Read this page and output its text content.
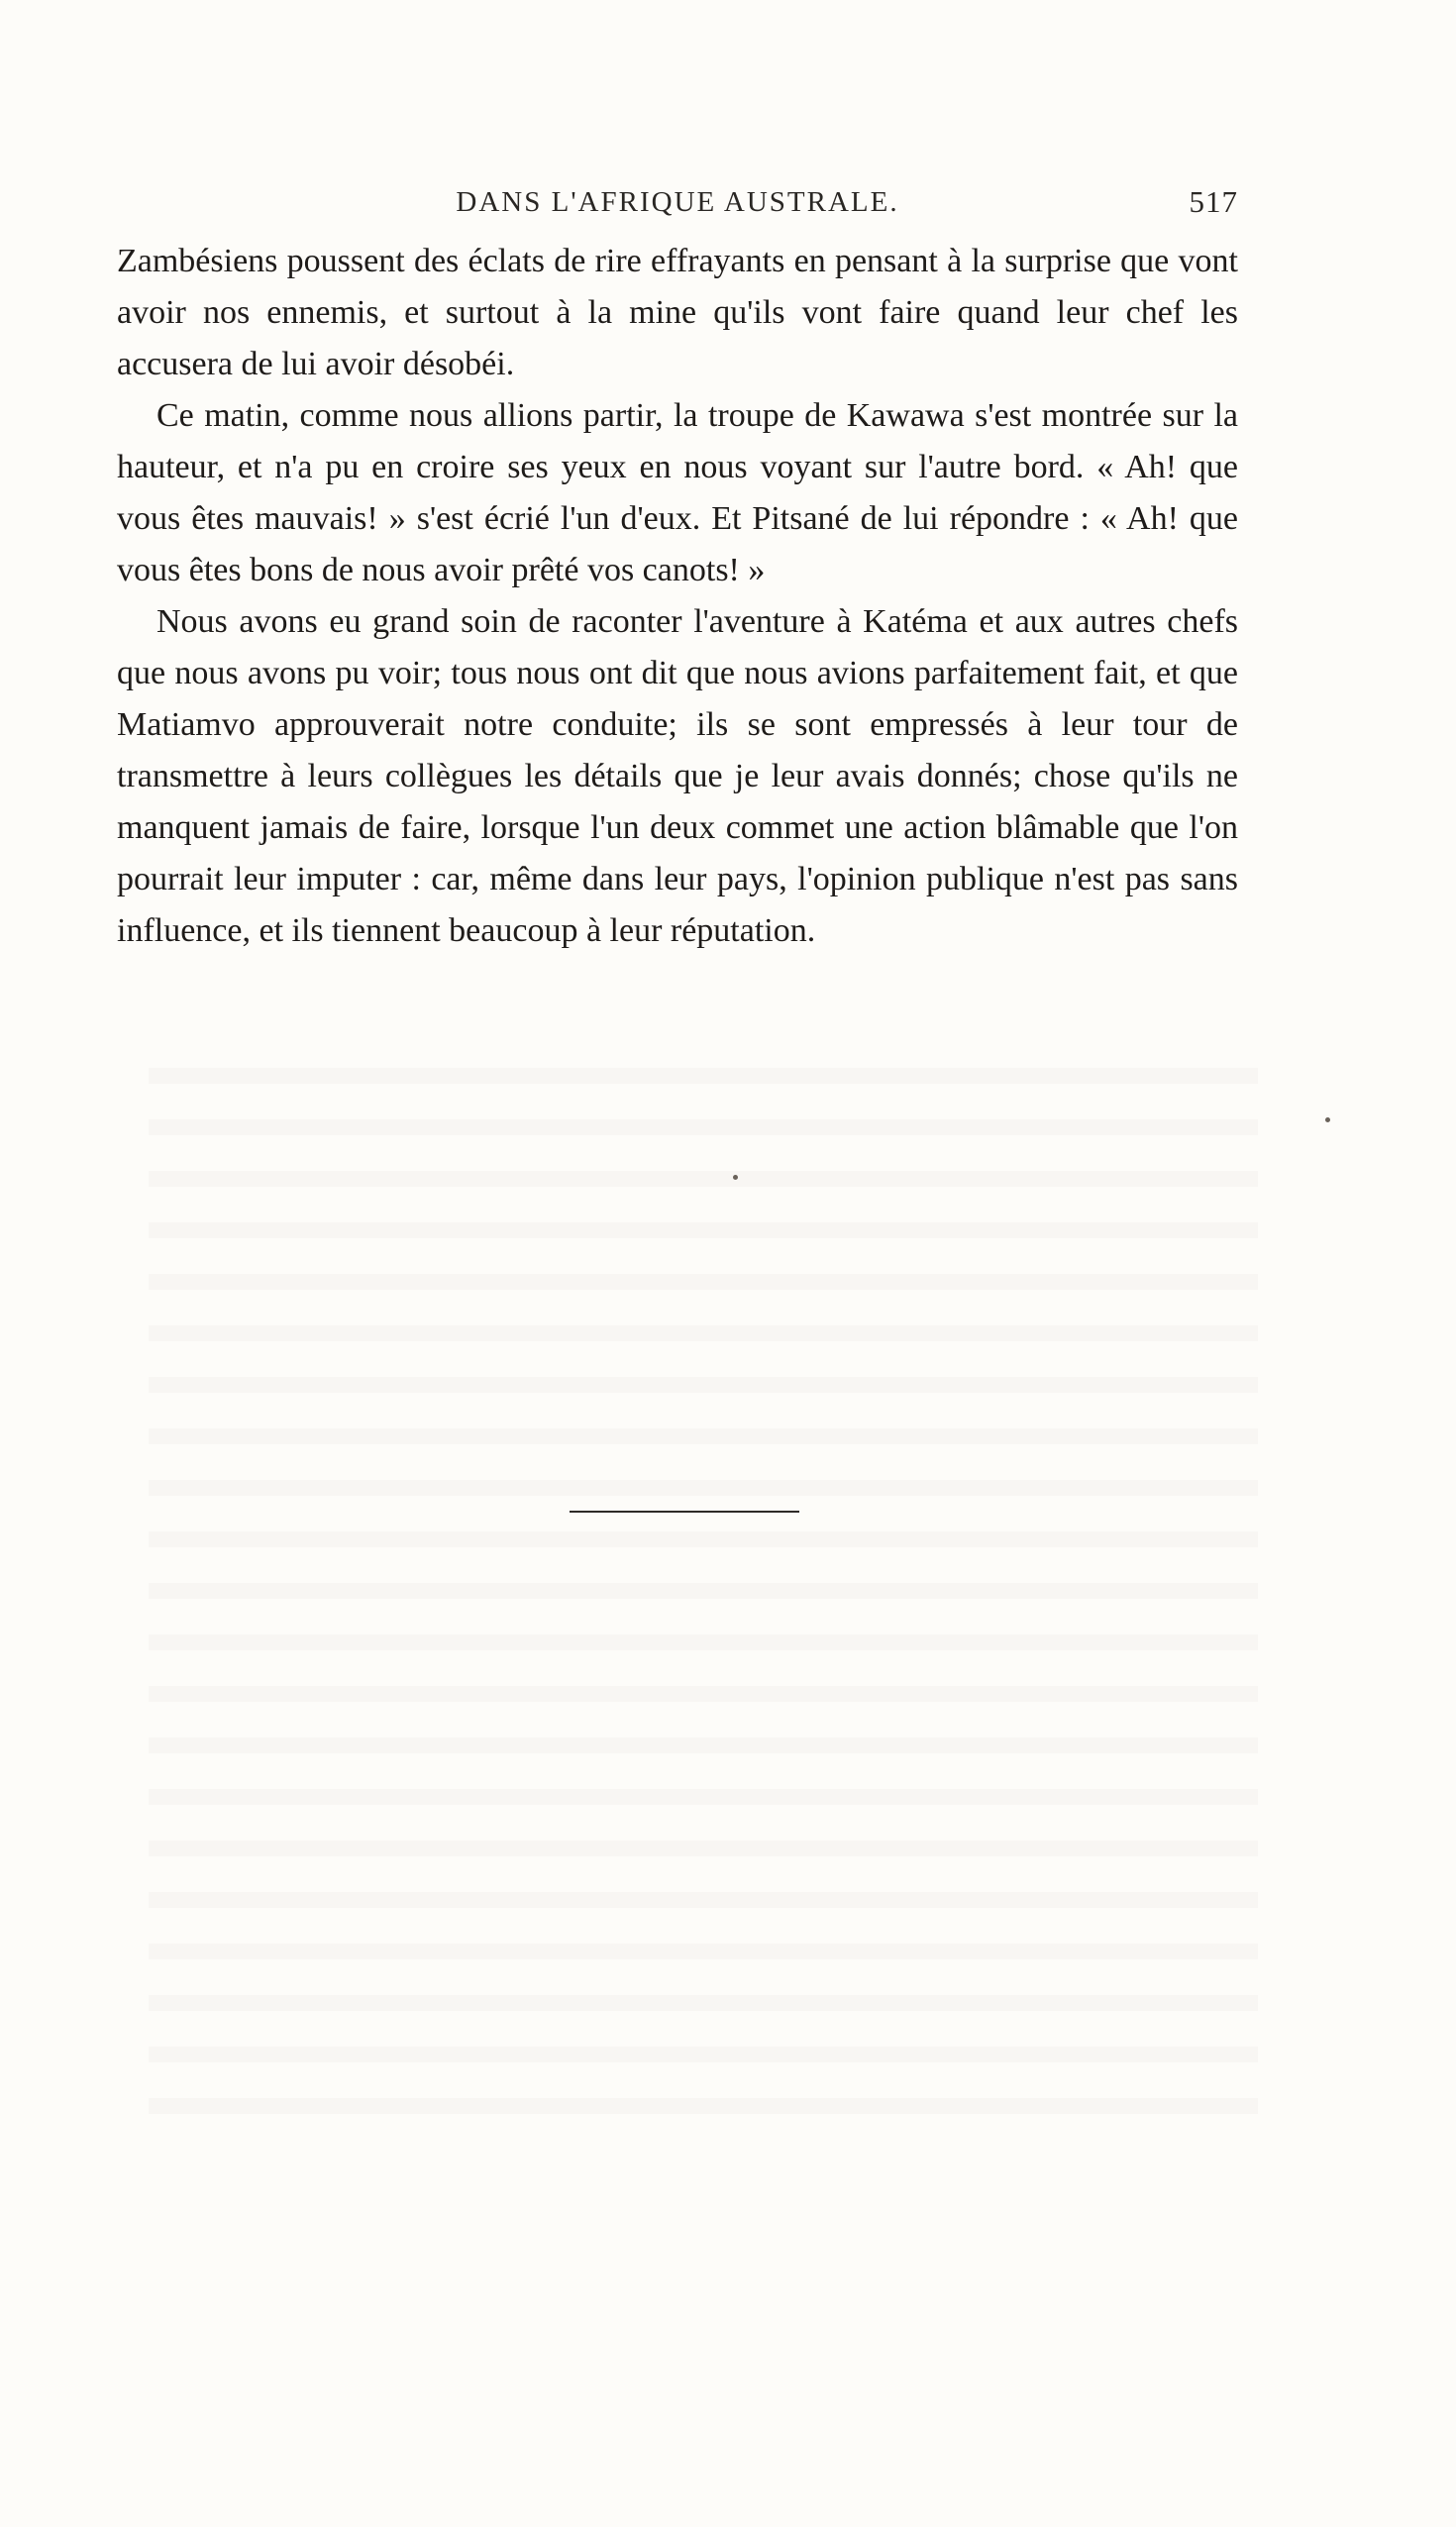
DANS L'AFRIQUE AUSTRALE.	517

Zambésiens poussent des éclats de rire effrayants en pensant à la surprise que vont avoir nos ennemis, et surtout à la mine qu'ils vont faire quand leur chef les accusera de lui avoir désobéi.

Ce matin, comme nous allions partir, la troupe de Kawawa s'est montrée sur la hauteur, et n'a pu en croire ses yeux en nous voyant sur l'autre bord. « Ah! que vous êtes mauvais! » s'est écrié l'un d'eux. Et Pitsané de lui répondre : « Ah! que vous êtes bons de nous avoir prêté vos canots! »

Nous avons eu grand soin de raconter l'aventure à Katéma et aux autres chefs que nous avons pu voir; tous nous ont dit que nous avions parfaitement fait, et que Matiamvo approuverait notre conduite; ils se sont empressés à leur tour de transmettre à leurs collègues les détails que je leur avais donnés; chose qu'ils ne manquent jamais de faire, lorsque l'un deux commet une action blâmable que l'on pourrait leur imputer : car, même dans leur pays, l'opinion publique n'est pas sans influence, et ils tiennent beaucoup à leur réputation.
